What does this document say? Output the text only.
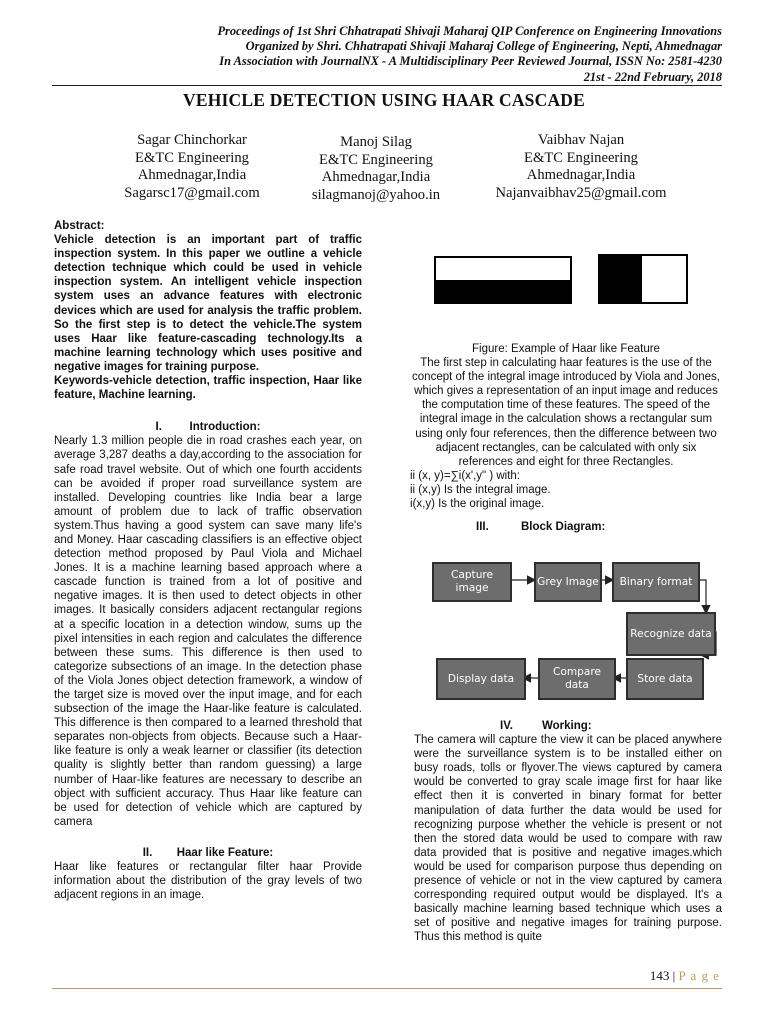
Proceedings of 1st Shri Chhatrapati Shivaji Maharaj QIP Conference on Engineering Innovations
Organized by Shri. Chhatrapati Shivaji Maharaj College of Engineering, Nepti, Ahmednagar
In Association with JournalNX - A Multidisciplinary Peer Reviewed Journal, ISSN No: 2581-4230
21st - 22nd February, 2018
VEHICLE DETECTION USING HAAR CASCADE
Sagar Chinchorkar
E&TC Engineering
Ahmednagar,India
Sagarsc17@gmail.com
Manoj Silag
E&TC Engineering
Ahmednagar,India
silagmanoj@yahoo.in
Vaibhav Najan
E&TC Engineering
Ahmednagar,India
Najanvaibhav25@gmail.com
Abstract:
Vehicle detection is an important part of traffic inspection system. In this paper we outline a vehicle detection technique which could be used in vehicle inspection system. An intelligent vehicle inspection system uses an advance features with electronic devices which are used for analysis the traffic problem. So the first step is to detect the vehicle.The system uses Haar like feature-cascading technology.Its a machine learning technology which uses positive and negative images for training purpose.
Keywords-vehicle detection, traffic inspection, Haar like feature, Machine learning.

I. Introduction:

Nearly 1.3 million people die in road crashes each year, on average 3,287 deaths a day,according to the association for safe road travel website. Out of which one fourth accidents can be avoided if proper road surveillance system are installed. Developing countries like India bear a large amount of problem due to lack of traffic observation system.Thus having a good system can save many life's and Money. Haar cascading classifiers is an effective object detection method proposed by Paul Viola and Michael Jones. It is a machine learning based approach where a cascade function is trained from a lot of positive and negative images. It is then used to detect objects in other images. It basically considers adjacent rectangular regions at a specific location in a detection window, sums up the pixel intensities in each region and calculates the difference between these sums. This difference is then used to categorize subsections of an image. In the detection phase of the Viola Jones object detection framework, a window of the target size is moved over the input image, and for each subsection of the image the Haar-like feature is calculated. This difference is then compared to a learned threshold that separates non-objects from objects. Because such a Haar-like feature is only a weak learner or classifier (its detection quality is slightly better than random guessing) a large number of Haar-like features are necessary to describe an object with sufficient accuracy. Thus Haar like feature can be used for detection of vehicle which are captured by camera

II. Haar like Feature:

Haar like features or rectangular filter haar Provide information about the distribution of the gray levels of two adjacent regions in an image.

Figure: Example of Haar like Feature

The first step in calculating haar features is the use of the concept of the integral image introduced by Viola and Jones, which gives a representation of an input image and reduces the computation time of these features. The speed of the integral image in the calculation shows a rectangular sum using only four references, then the difference between two adjacent rectangles, can be calculated with only six references and eight for three Rectangles.

ii (x, y)=∑i(x',y" ) with:

ii (x,y) Is the integral image.

i(x,y) Is the original image.

III.	Block Diagram:

Capture image
Grey Image	Binary format
Recognize data
Store data
Compare data
Display data

IV.	Working:

The camera will capture the view it can be placed anywhere were the surveillance system is to be installed either on busy roads, tolls or flyover.The views captured by camera would be converted to gray scale image first for haar like effect then it is converted in binary format for better manipulation of data further the data would be used for recognizing purpose whether the vehicle is present or not then the stored data would be used to compare with raw data provided that is positive and negative images.which would be used for comparison purpose thus depending on presence of vehicle or not in the view captured by camera corresponding required output would be displayed. It's a basically machine learning based technique which uses a set of positive and negative images for training purpose. Thus this method is quite

143 | P a g e
